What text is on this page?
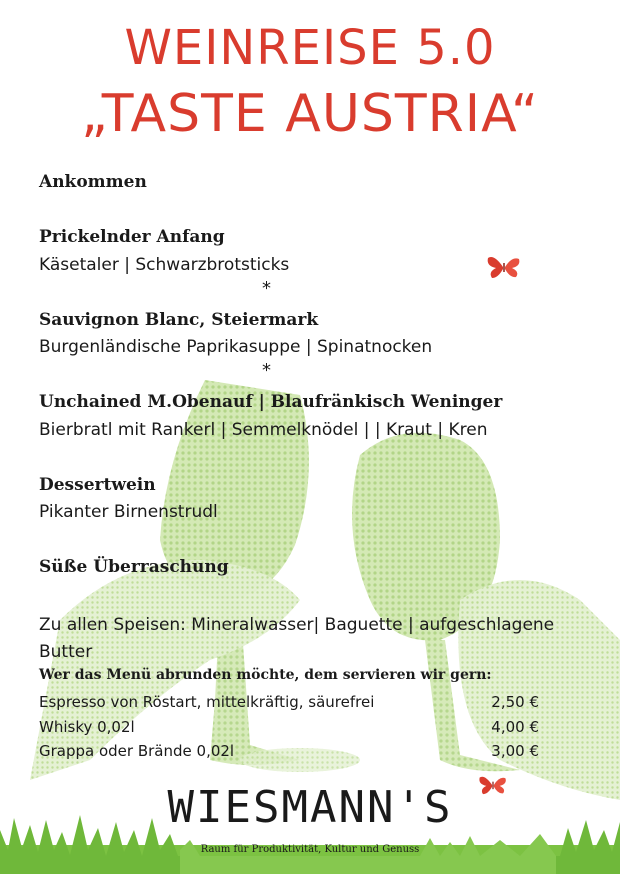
WEINREISE 5.0
„TASTE AUSTRIA“
Ankommen
Prickelnder Anfang
Käsetaler | Schwarzbrotsticks
*
Sauvignon Blanc, Steiermark
Burgenländische Paprikasuppe | Spinatnocken
*
Unchained M.Obenauf | Blaufränkisch Weninger
Bierbratl mit Rankerl | Semmelknödel | | Kraut | Kren
Dessertwein
Pikanter Birnenstrudl
Süße Überraschung
Zu allen Speisen: Mineralwasser| Baguette | aufgeschlagene
Butter
Wer das Menü abrunden möchte, dem servieren wir gern:
Espresso von Röstart, mittelkräftig, säurefrei	2,50 €
Whisky 0,02l	4,00 €
Grappa oder Brände 0,02l	3,00 €
WIESMANN'S
Raum für Produktivität, Kultur und Genuss
